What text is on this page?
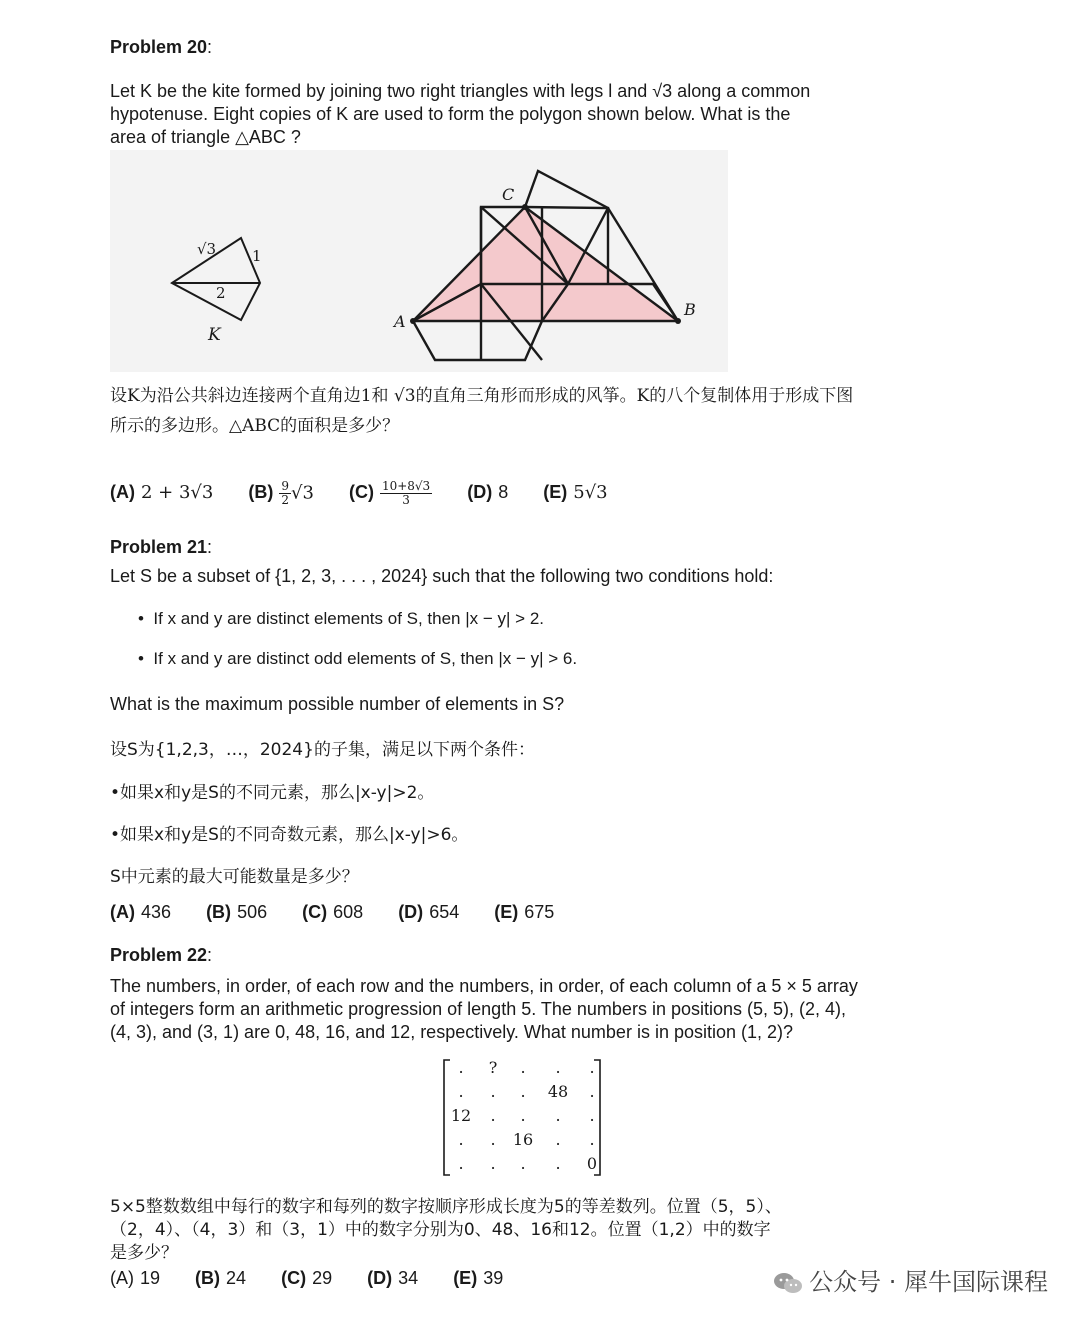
Problem 20:
Let K be the kite formed by joining two right triangles with legs l and √3 along a common
hypotenuse. Eight copies of K are used to form the polygon shown below. What is the
area of triangle △ABC ?
√3 1
2
K
A
B
C
设K为沿公共斜边连接两个直角边1和 √3的直角三角形而形成的风筝。K的八个复制体用于形成下图
所示的多边形。△ABC的面积是多少？
(A) 2 + 3√3 $(B) \frac{9}{2} √3$ $(C) \frac{10+8√3}{3} (D)$ 8 (E) 5√3
Problem 21:
Let S be a subset of {1, 2, 3, . . . , 2024} such that the following two conditions hold:
•  If x and y are distinct elements of S, then |x − y| > 2.
•  If x and y are distinct odd elements of S, then |x − y| > 6.
What is the maximum possible number of elements in S?
设S为{1,2,3，…，2024}的子集，满足以下两个条件：
•如果x和y是S的不同元素，那么|x-y|>2。
•如果x和y是S的不同奇数元素，那么|x-y|>6。
S中元素的最大可能数量是多少？
(A) 436 (B) 506 (C) 608 (D) 654 (E) 675
Problem 22:
The numbers, in order, of each row and the numbers, in order, of each column of a 5 × 5 array
of integers form an arithmetic progression of length 5. The numbers in positions (5, 5), (2, 4),
(4, 3), and (3, 1) are 0, 48, 16, and 12, respectively. What number is in position (1, 2)?
.	?	.	.	.
.	.	.	48	.
12	.	.	.	.
.	.	16	.	.
.	.	.	.	0
5×5整数数组中每行的数字和每列的数字按顺序形成长度为5的等差数列。位置（5，5）、
（2，4）、（4，3）和（3，1）中的数字分别为0、48、16和12。位置（1,2）中的数字
是多少？
(A) 19 (B) 24 (C) 29 (D) 34 (E) 39	公众号 · 犀牛国际课程
